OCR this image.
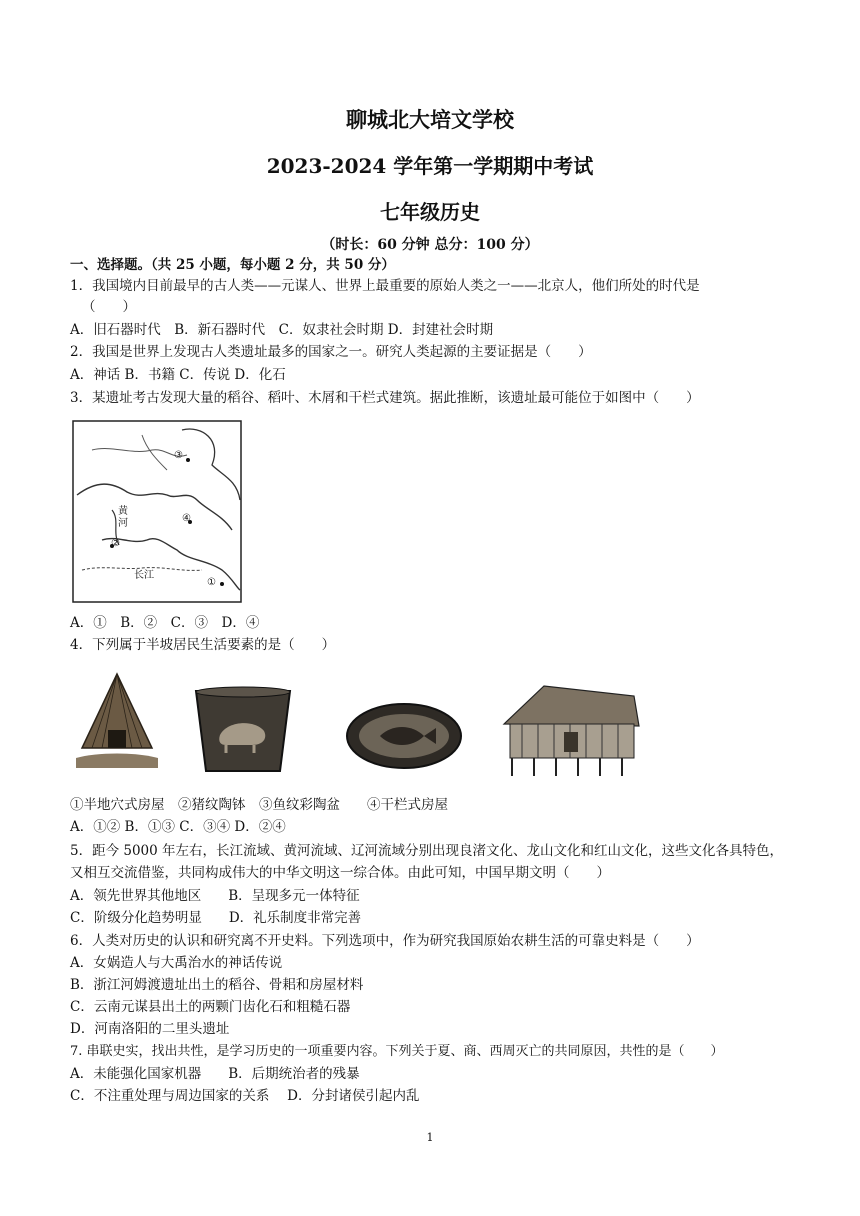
聊城北大培文学校
2023-2024 学年第一学期期中考试
七年级历史
（时长：60 分钟 总分：100 分）
一、选择题。（共 25 小题，每小题 2 分，共 50 分）
1．我国境内目前最早的古人类——元谋人、世界上最重要的原始人类之一——北京人，他们所处的时代是
（　　）
A．旧石器时代　B．新石器时代　C．奴隶社会时期 D．封建社会时期
2．我国是世界上发现古人类遗址最多的国家之一。研究人类起源的主要证据是（　　）
A．神话 B．书籍 C．传说 D．化石
3．某遗址考古发现大量的稻谷、稻叶、木屑和干栏式建筑。据此推断，该遗址最可能位于如图中（　　）
③
④
②
①
黄
河
长江
A．①　B．②　C．③　D．④
4．下列属于半坡居民生活要素的是（　　）
①半地穴式房屋　②猪纹陶钵　③鱼纹彩陶盆　　④干栏式房屋
A．①② B．①③ C．③④ D．②④
5．距今 5000 年左右，长江流域、黄河流域、辽河流域分别出现良渚文化、龙山文化和红山文化，这些文化各具特色，又相互交流借鉴，共同构成伟大的中华文明这一综合体。由此可知，中国早期文明（　　）
A．领先世界其他地区　　B．呈现多元一体特征
C．阶级分化趋势明显　　D．礼乐制度非常完善
6．人类对历史的认识和研究离不开史料。下列选项中，作为研究我国原始农耕生活的可靠史料是（　　）
A．女娲造人与大禹治水的神话传说
B．浙江河姆渡遗址出土的稻谷、骨耜和房屋材料
C．云南元谋县出土的两颗门齿化石和粗糙石器
D．河南洛阳的二里头遗址
7. 串联史实，找出共性，是学习历史的一项重要内容。下列关于夏、商、西周灭亡的共同原因，共性的是（　　）
A．未能强化国家机器　　B．后期统治者的残暴
C．不注重处理与周边国家的关系　 D．分封诸侯引起内乱
1
